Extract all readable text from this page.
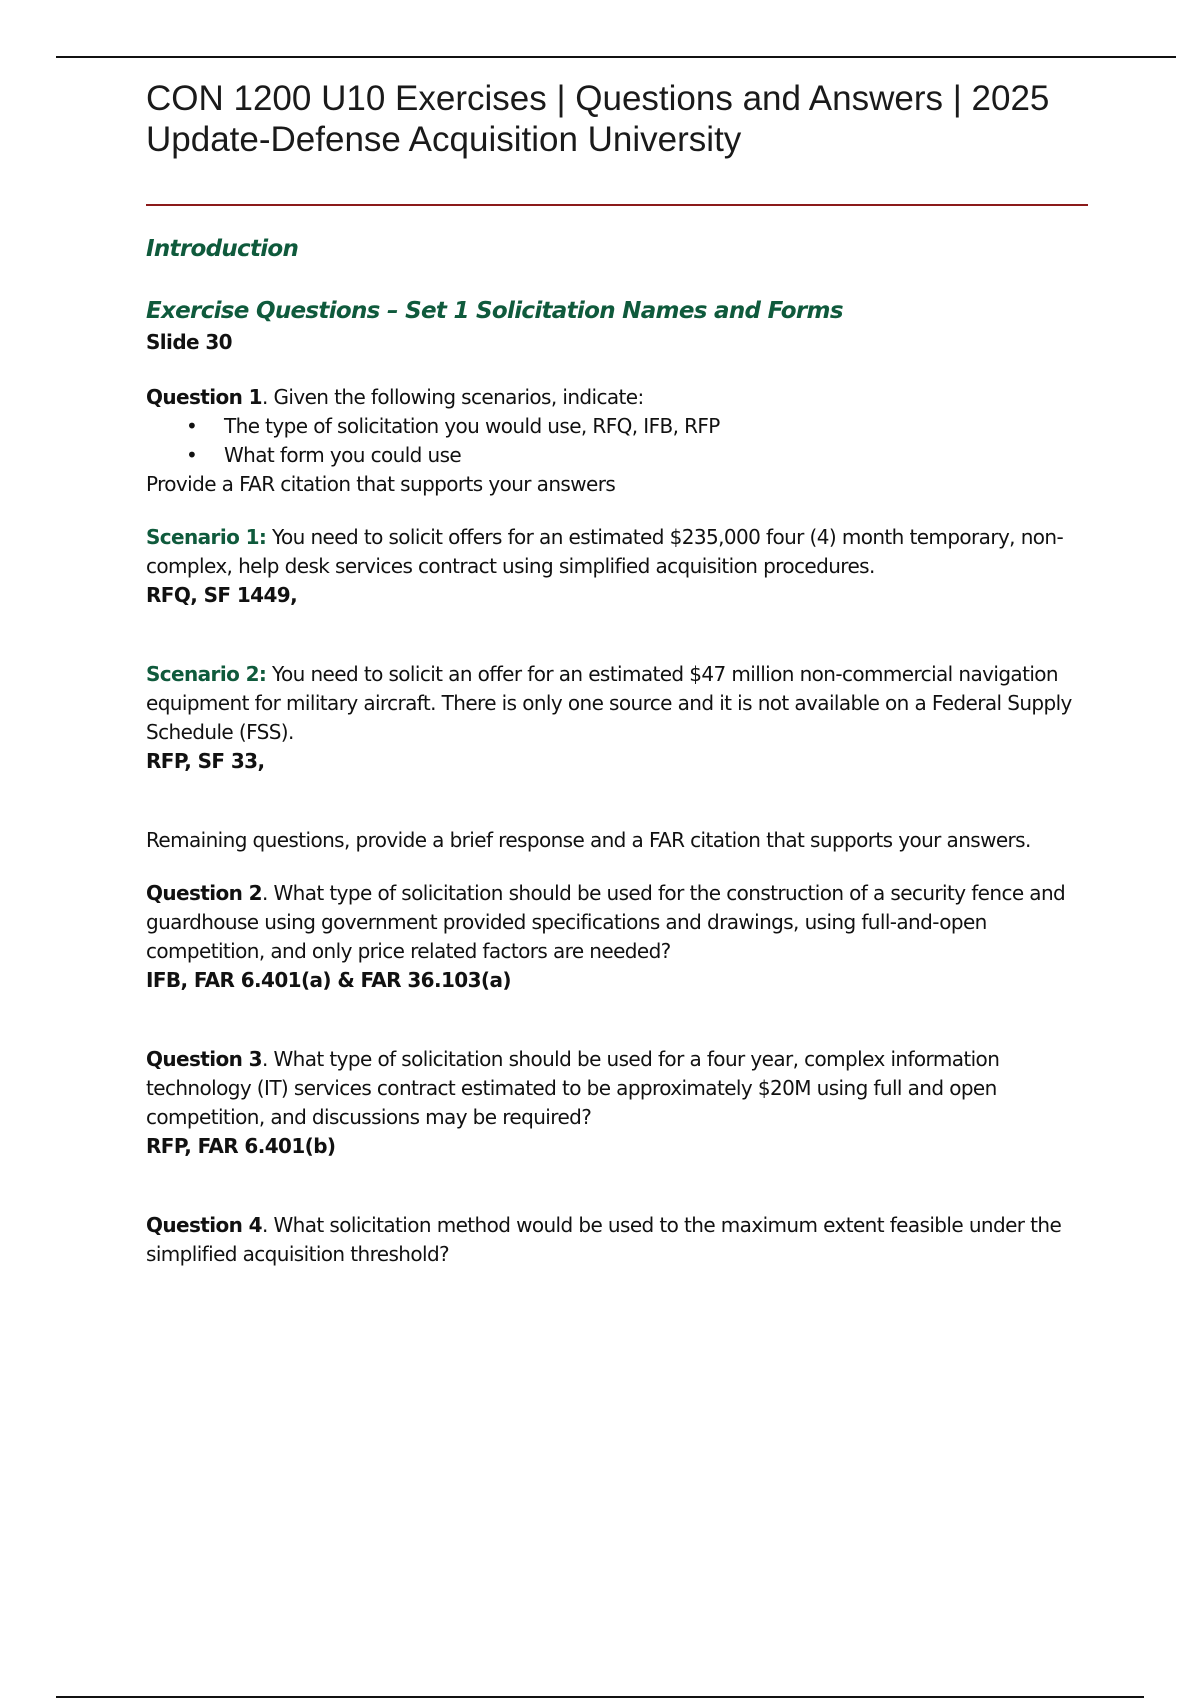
CON 1200 U10 Exercises | Questions and Answers | 2025 Update-Defense Acquisition University
Introduction
Exercise Questions – Set 1 Solicitation Names and Forms
Slide 30
Question 1. Given the following scenarios, indicate:
• The type of solicitation you would use, RFQ, IFB, RFP
• What form you could use
Provide a FAR citation that supports your answers
Scenario 1: You need to solicit offers for an estimated $235,000 four (4) month temporary, non-complex, help desk services contract using simplified acquisition procedures.
RFQ, SF 1449,
Scenario 2: You need to solicit an offer for an estimated $47 million non-commercial navigation equipment for military aircraft. There is only one source and it is not available on a Federal Supply Schedule (FSS).
RFP, SF 33,
Remaining questions, provide a brief response and a FAR citation that supports your answers.
Question 2. What type of solicitation should be used for the construction of a security fence and guardhouse using government provided specifications and drawings, using full-and-open competition, and only price related factors are needed?
IFB, FAR 6.401(a) & FAR 36.103(a)
Question 3. What type of solicitation should be used for a four year, complex information technology (IT) services contract estimated to be approximately $20M using full and open competition, and discussions may be required?
RFP, FAR 6.401(b)
Question 4. What solicitation method would be used to the maximum extent feasible under the simplified acquisition threshold?
